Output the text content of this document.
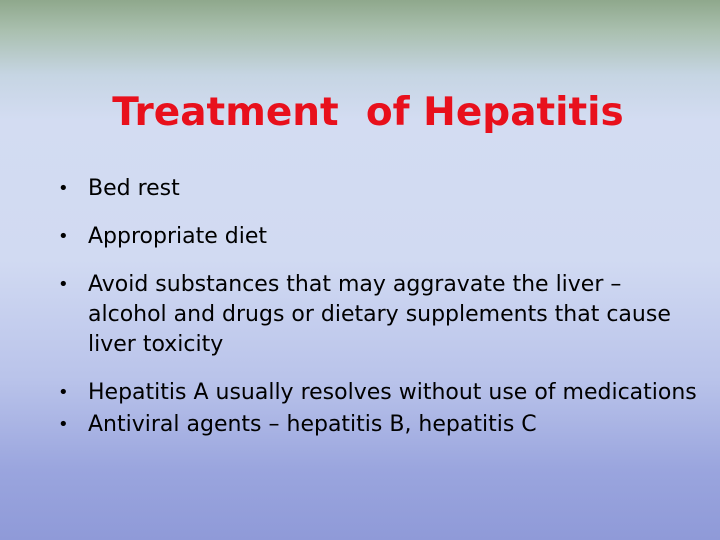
Treatment  of Hepatitis
• Bed rest
• Appropriate diet
• Avoid substances that may aggravate the liver – alcohol and drugs or dietary supplements that cause liver toxicity
• Hepatitis A usually resolves without use of medications
• Antiviral agents – hepatitis B, hepatitis C
